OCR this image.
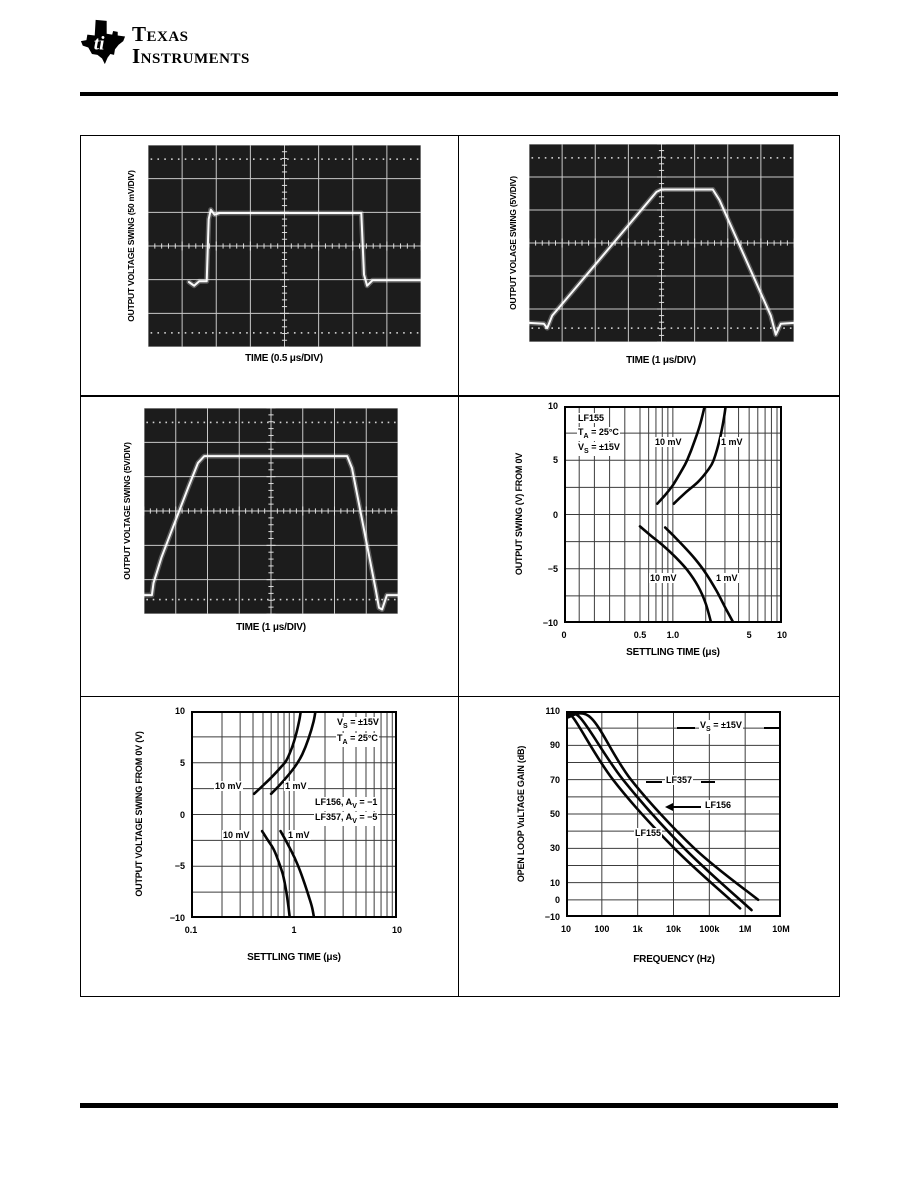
ti Texas
Instruments
OUTPUT VOLTAGE SWING (50 mV/DIV)
TIME (0.5 μs/DIV)
OUTPUT VOLAGE SWING (5V/DIV)
TIME (1 μs/DIV)
OUTPUT VOLTAGE SWING (5V/DIV)
TIME (1 μs/DIV)
OUTPUT SWING (V) FROM 0V
SETTLING TIME (μs)
LF155
$T_A = 25^\circ C$
$V_S = \pm 15V$	10 mV	1 mV
10 mV	1 mV
0	0.5 1.0	5	10
10
5
0
−5
−10
OUTPUT VOLTAGE SWING FROM 0V (V)
SETTLING TIME (μs)
$V_S = \pm 15V$
$T_A = 25^\circ C$
10 mV	1 mV
LF156, $A_V = -1$
LF357, $A_V = -5$
10 mV	1 mV
0.1	1	10
10
5
0
−5
−10
OPEN LOOP VuLTAGE GAIN (dB)
FREQUENCY (Hz)
$V_S = \pm 15V$
LF357
LF156
LF155
10	100	1k	10k 100k 1M 10M
110
90
70
50
30
10
0
−10
